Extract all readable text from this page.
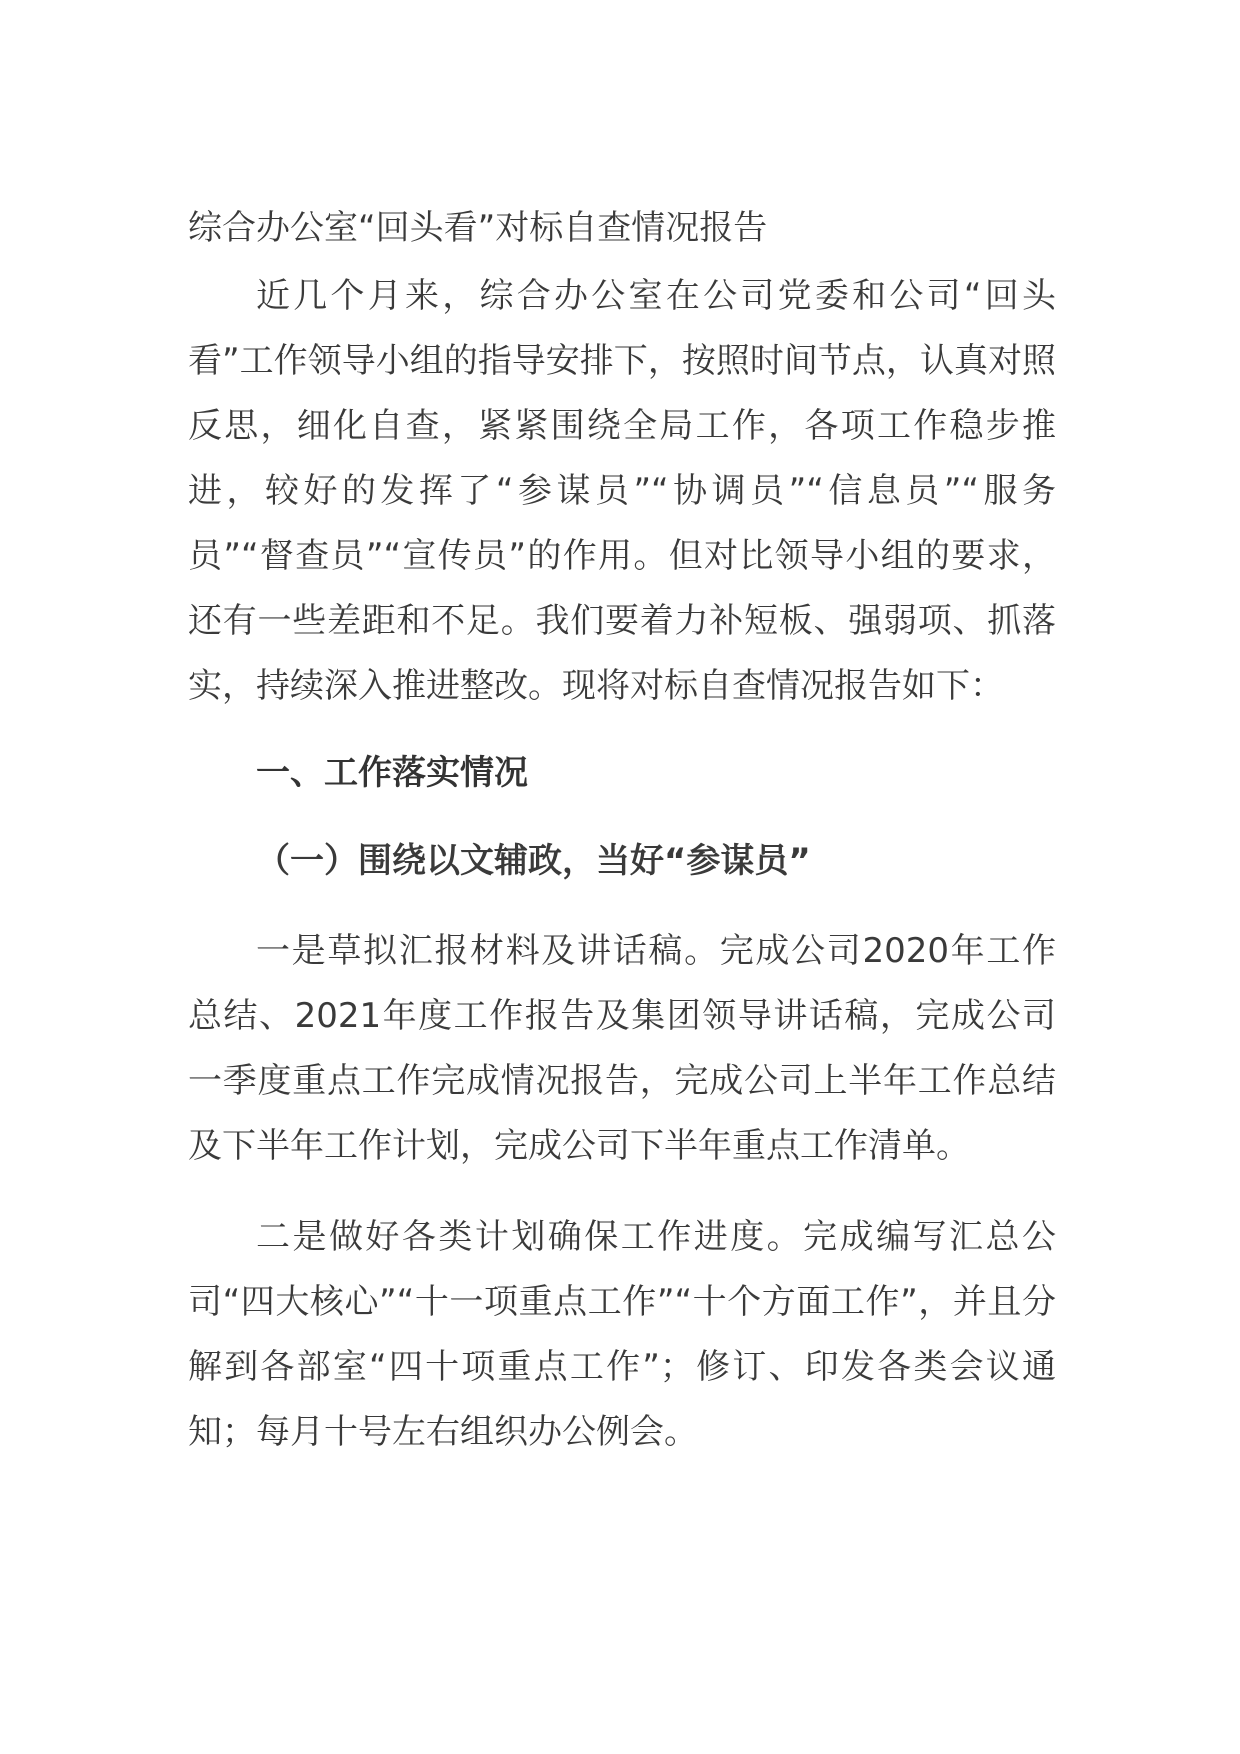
综合办公室“回头看”对标自查情况报告

近几个月来，综合办公室在公司党委和公司“回头看”工作领导小组的指导安排下，按照时间节点，认真对照反思，细化自查，紧紧围绕全局工作，各项工作稳步推进，较好的发挥了“参谋员”“协调员”“信息员”“服务员”“督查员”“宣传员”的作用。但对比领导小组的要求，还有一些差距和不足。我们要着力补短板、强弱项、抓落实，持续深入推进整改。现将对标自查情况报告如下：

一、工作落实情况
（一）围绕以文辅政，当好“参谋员”

一是草拟汇报材料及讲话稿。完成公司2020年工作总结、2021年度工作报告及集团领导讲话稿，完成公司一季度重点工作完成情况报告，完成公司上半年工作总结及下半年工作计划，完成公司下半年重点工作清单。

二是做好各类计划确保工作进度。完成编写汇总公司“四大核心”“十一项重点工作”“十个方面工作”，并且分解到各部室“四十项重点工作”；修订、印发各类会议通知；每月十号左右组织办公例会。
